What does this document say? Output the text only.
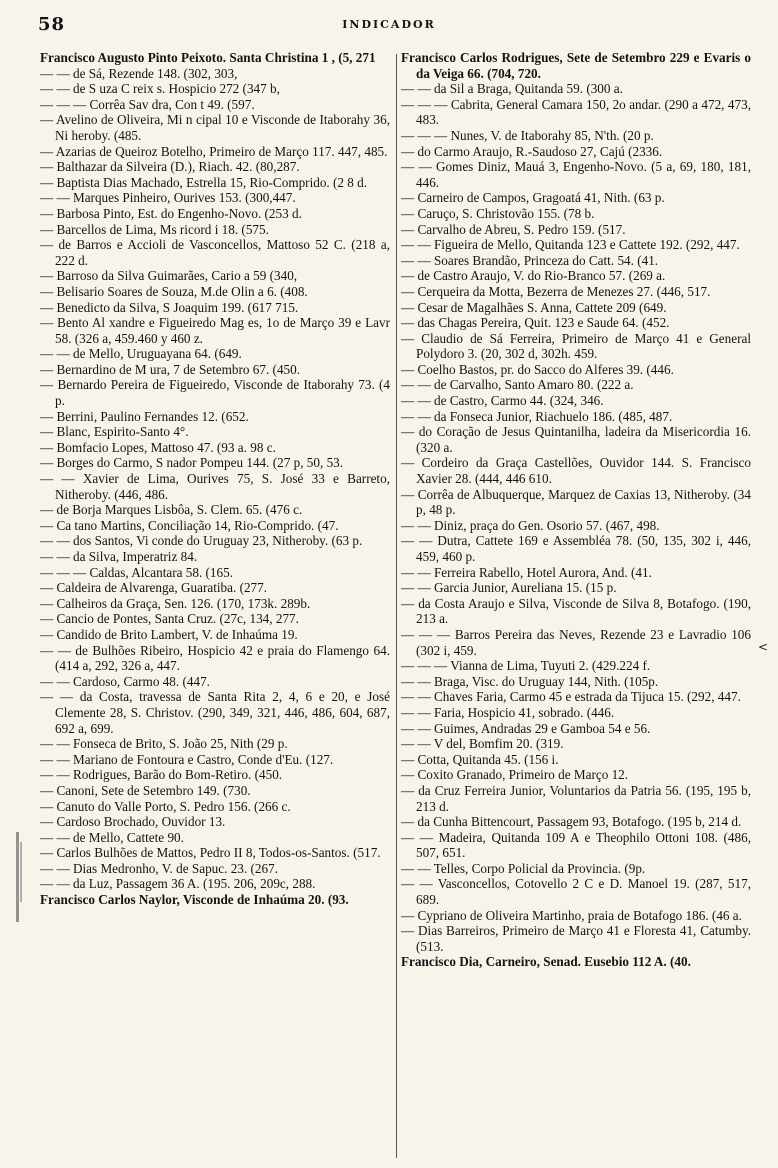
58	INDICADOR
Francisco Augusto Pinto Peixoto. Santa Christina 1 , (5, 271
— — de Sá, Rezende 148. (302, 303,
— — de S uza C reix s. Hospicio 272 (347 b,
— — — Corrêa Sav dra, Con t 49. (597.
— Avelino de Oliveira, Mi n cipal 10 e Visconde de Itaborahy 36, Ni heroby. (485.
— Azarias de Queiroz Botelho, Primeiro de Março 117. 447, 485.
— Balthazar da Silveira (D.), Riach. 42. (80,287.
— Baptista Dias Machado, Estrella 15, Rio-Comprido. (2 8 d.
— — Marques Pinheiro, Ourives 153. (300,447.
— Barbosa Pinto, Est. do Engenho-Novo. (253 d.
— Barcellos de Lima, Ms ricord i 18. (575.
— de Barros e Accioli de Vasconcellos, Mattoso 52 C. (218 a, 222 d.
— Barroso da Silva Guimarães, Cario a 59 (340,
— Belisario Soares de Souza, M.de Olin a 6. (408.
— Benedicto da Silva, S Joaquim 199. (617 715.
— Bento Al xandre e Figueiredo Mag es, 1o de Março 39 e Lavr 58. (326 a, 459.460 y 460 z.
— — de Mello, Uruguayana 64. (649.
— Bernardino de M ura, 7 de Setembro 67. (450.
— Bernardo Pereira de Figueiredo, Visconde de Itaborahy 73. (4 p.
— Berrini, Paulino Fernandes 12. (652.
— Blanc, Espirito-Santo 4°.
— Bomfacio Lopes, Mattoso 47. (93 a. 98 c.
— Borges do Carmo, S nador Pompeu 144. (27 p, 50, 53.
— — Xavier de Lima, Ourives 75, S. José 33 e Barreto, Nitheroby. (446, 486.
— de Borja Marques Lisbôa, S. Clem. 65. (476 c.
— Ca tano Martins, Conciliação 14, Rio-Comprido. (47.
— — dos Santos, Vi conde do Uruguay 23, Nitheroby. (63 p.
— — da Silva, Imperatriz 84.
— — — Caldas, Alcantara 58. (165.
— Caldeira de Alvarenga, Guaratiba. (277.
— Calheiros da Graça, Sen. 126. (170, 173k. 289b.
— Cancio de Pontes, Santa Cruz. (27c, 134, 277.
— Candido de Brito Lambert, V. de Inhaúma 19.
— — de Bulhões Ribeiro, Hospicio 42 e praia do Flamengo 64. (414 a, 292, 326 a, 447.
— — Cardoso, Carmo 48. (447.
— — da Costa, travessa de Santa Rita 2, 4, 6 e 20, e José Clemente 28, S. Christov. (290, 349, 321, 446, 486, 604, 687, 692 a, 699.
— — Fonseca de Brito, S. João 25, Nith (29 p.
— — Mariano de Fontoura e Castro, Conde d'Eu. (127.
— — Rodrigues, Barão do Bom-Retiro. (450.
— Canoni, Sete de Setembro 149. (730.
— Canuto do Valle Porto, S. Pedro 156. (266 c.
— Cardoso Brochado, Ouvidor 13.
— — de Mello, Cattete 90.
— Carlos Bulhões de Mattos, Pedro II 8, Todos-os-Santos. (517.
— — Dias Medronho, V. de Sapuc. 23. (267.
— — da Luz, Passagem 36 A. (195. 206, 209c, 288.
Francisco Carlos Naylor, Visconde de Inhaúma 20. (93.
Francisco Carlos Rodrigues, Sete de Setembro 229 e Evaris o da Veiga 66. (704, 720.
— — da Sil a Braga, Quitanda 59. (300 a.
— — — Cabrita, General Camara 150, 2o andar. (290 a 472, 473, 483.
— — — Nunes, V. de Itaborahy 85, N'th. (20 p.
— do Carmo Araujo, R.-Saudoso 27, Cajú (2336.
— — Gomes Diniz, Mauá 3, Engenho-Novo. (5 a, 69, 180, 181, 446.
— Carneiro de Campos, Gragoatá 41, Nith. (63 p.
— Caruço, S. Christovão 155. (78 b.
— Carvalho de Abreu, S. Pedro 159. (517.
— — Figueira de Mello, Quitanda 123 e Cattete 192. (292, 447.
— — Soares Brandão, Princeza do Catt. 54. (41.
— de Castro Araujo, V. do Rio-Branco 57. (269 a.
— Cerqueira da Motta, Bezerra de Menezes 27. (446, 517.
— Cesar de Magalhães S. Anna, Cattete 209 (649.
— das Chagas Pereira, Quit. 123 e Saude 64. (452.
— Claudio de Sá Ferreira, Primeiro de Março 41 e General Polydoro 3. (20, 302 d, 302h. 459.
— Coelho Bastos, pr. do Sacco do Alferes 39. (446.
— — de Carvalho, Santo Amaro 80. (222 a.
— — de Castro, Carmo 44. (324, 346.
— — da Fonseca Junior, Riachuelo 186. (485, 487.
— do Coração de Jesus Quintanilha, ladeira da Misericordia 16. (320 a.
— Cordeiro da Graça Castellões, Ouvidor 144. S. Francisco Xavier 28. (444, 446 610.
— Corrêa de Albuquerque, Marquez de Caxias 13, Nitheroby. (34 p, 48 p.
— — Diniz, praça do Gen. Osorio 57. (467, 498.
— — Dutra, Cattete 169 e Assembléa 78. (50, 135, 302 i, 446, 459, 460 p.
— — Ferreira Rabello, Hotel Aurora, And. (41.
— — Garcia Junior, Aureliana 15. (15 p.
— da Costa Araujo e Silva, Visconde de Silva 8, Botafogo. (190, 213 a.
— — — Barros Pereira das Neves, Rezende 23 e Lavradio 106 (302 i, 459.
— — — Vianna de Lima, Tuyuti 2. (429.224 f.
— — Braga, Visc. do Uruguay 144, Nith. (105p.
— — Chaves Faria, Carmo 45 e estrada da Tijuca 15. (292, 447.
— — Faria, Hospicio 41, sobrado. (446.
— — Guimes, Andradas 29 e Gamboa 54 e 56.
— — V del, Bomfim 20. (319.
— Cotta, Quitanda 45. (156 i.
— Coxito Granado, Primeiro de Março 12.
— da Cruz Ferreira Junior, Voluntarios da Patria 56. (195, 195 b, 213 d.
— da Cunha Bittencourt, Passagem 93, Botafogo. (195 b, 214 d.
— — Madeira, Quitanda 109 A e Theophilo Ottoni 108. (486, 507, 651.
— — Telles, Corpo Policial da Provincia. (9p.
— — Vasconcellos, Cotovello 2 C e D. Manoel 19. (287, 517, 689.
— Cypriano de Oliveira Martinho, praia de Botafogo 186. (46 a.
— Dias Barreiros, Primeiro de Março 41 e Floresta 41, Catumby. (513.
Francisco Dia, Carneiro, Senad. Eusebio 112 A. (40.
<
